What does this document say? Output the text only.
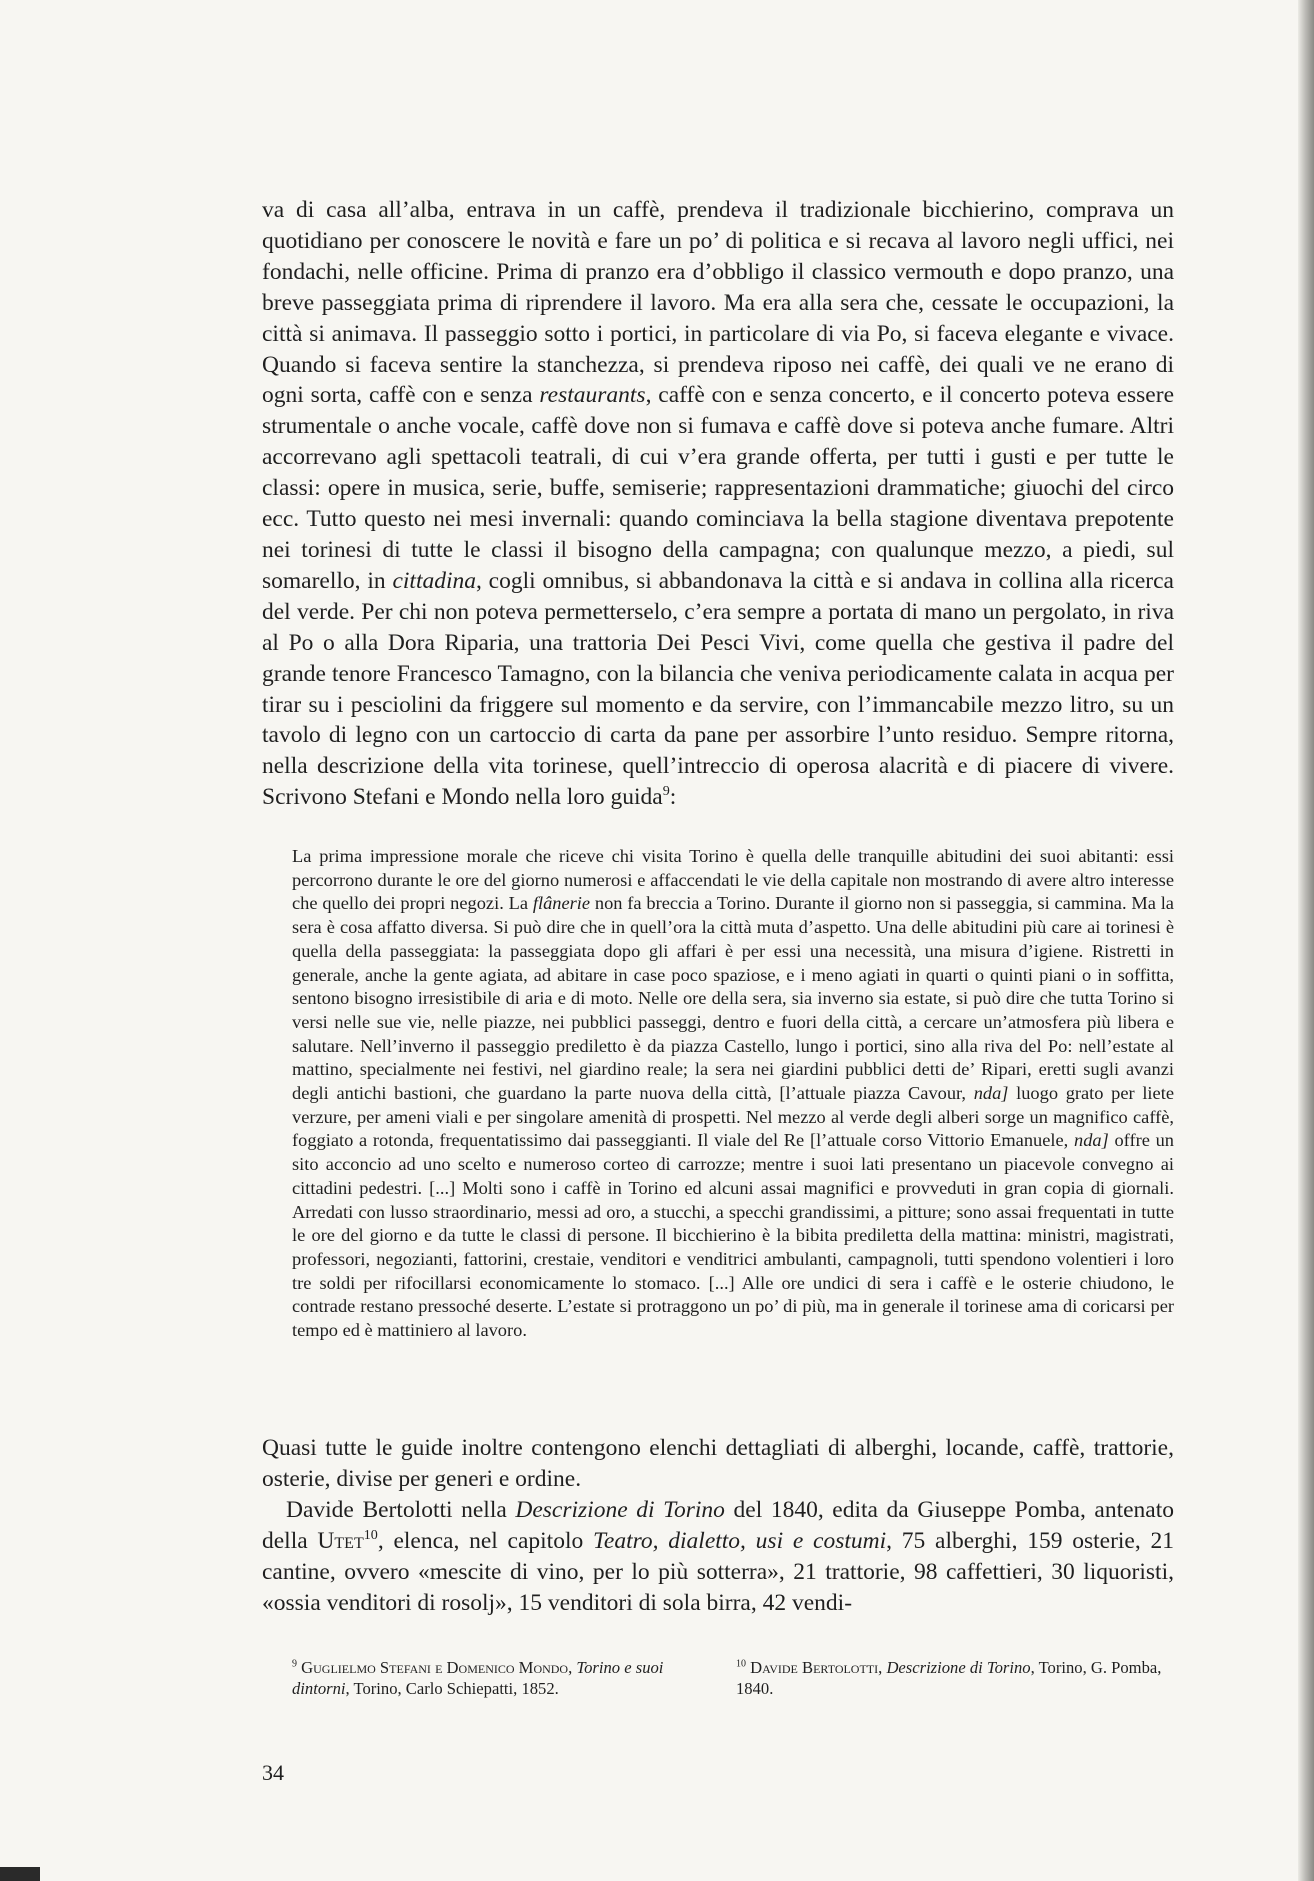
va di casa all’alba, entrava in un caffè, prendeva il tradizionale bicchierino, comprava un quotidiano per conoscere le novità e fare un po’ di politica e si recava al lavoro negli uffici, nei fondachi, nelle officine. Prima di pranzo era d’obbligo il classico vermouth e dopo pranzo, una breve passeggiata prima di riprendere il lavoro. Ma era alla sera che, cessate le occupazioni, la città si animava. Il passeggio sotto i portici, in particolare di via Po, si faceva elegante e vivace. Quando si faceva sentire la stanchezza, si prendeva riposo nei caffè, dei quali ve ne erano di ogni sorta, caffè con e senza restaurants, caffè con e senza concerto, e il concerto poteva essere strumentale o anche vocale, caffè dove non si fumava e caffè dove si poteva anche fumare. Altri accorrevano agli spettacoli teatrali, di cui v’era grande offerta, per tutti i gusti e per tutte le classi: opere in musica, serie, buffe, semiserie; rappresentazioni drammatiche; giuochi del circo ecc. Tutto questo nei mesi invernali: quando cominciava la bella stagione diventava prepotente nei torinesi di tutte le classi il bisogno della campagna; con qualunque mezzo, a piedi, sul somarello, in cittadina, cogli omnibus, si abbandonava la città e si andava in collina alla ricerca del verde. Per chi non poteva permetterselo, c’era sempre a portata di mano un pergolato, in riva al Po o alla Dora Riparia, una trattoria Dei Pesci Vivi, come quella che gestiva il padre del grande tenore Francesco Tamagno, con la bilancia che veniva periodicamente calata in acqua per tirar su i pesciolini da friggere sul momento e da servire, con l’immancabile mezzo litro, su un tavolo di legno con un cartoccio di carta da pane per assorbire l’unto residuo. Sempre ritorna, nella descrizione della vita torinese, quell’intreccio di operosa alacrità e di piacere di vivere. Scrivono Stefani e Mondo nella loro guida$^9$:

La prima impressione morale che riceve chi visita Torino è quella delle tranquille abitudini dei suoi abitanti: essi percorrono durante le ore del giorno numerosi e affaccendati le vie della capitale non mostrando di avere altro interesse che quello dei propri negozi. La flânerie non fa breccia a Torino. Durante il giorno non si passeggia, si cammina. Ma la sera è cosa affatto diversa. Si può dire che in quell’ora la città muta d’aspetto. Una delle abitudini più care ai torinesi è quella della passeggiata: la passeggiata dopo gli affari è per essi una necessità, una misura d’igiene. Ristretti in generale, anche la gente agiata, ad abitare in case poco spaziose, e i meno agiati in quarti o quinti piani o in soffitta, sentono bisogno irresistibile di aria e di moto. Nelle ore della sera, sia inverno sia estate, si può dire che tutta Torino si versi nelle sue vie, nelle piazze, nei pubblici passeggi, dentro e fuori della città, a cercare un’atmosfera più libera e salutare. Nell’inverno il passeggio prediletto è da piazza Castello, lungo i portici, sino alla riva del Po: nell’estate al mattino, specialmente nei festivi, nel giardino reale; la sera nei giardini pubblici detti de’ Ripari, eretti sugli avanzi degli antichi bastioni, che guardano la parte nuova della città, [l’attuale piazza Cavour, nda] luogo grato per liete verzure, per ameni viali e per singolare amenità di prospetti. Nel mezzo al verde degli alberi sorge un magnifico caffè, foggiato a rotonda, frequentatissimo dai passeggianti. Il viale del Re [l’attuale corso Vittorio Emanuele, nda] offre un sito acconcio ad uno scelto e numeroso corteo di carrozze; mentre i suoi lati presentano un piacevole convegno ai cittadini pedestri. [...] Molti sono i caffè in Torino ed alcuni assai magnifici e provveduti in gran copia di giornali. Arredati con lusso straordinario, messi ad oro, a stucchi, a specchi grandissimi, a pitture; sono assai frequentati in tutte le ore del giorno e da tutte le classi di persone. Il bicchierino è la bibita prediletta della mattina: ministri, magistrati, professori, negozianti, fattorini, crestaie, venditori e venditrici ambulanti, campagnoli, tutti spendono volentieri i loro tre soldi per rifocillarsi economicamente lo stomaco. [...] Alle ore undici di sera i caffè e le osterie chiudono, le contrade restano pressoché deserte. L’estate si protraggono un po’ di più, ma in generale il torinese ama di coricarsi per tempo ed è mattiniero al lavoro.

Quasi tutte le guide inoltre contengono elenchi dettagliati di alberghi, locande, caffè, trattorie, osterie, divise per generi e ordine.

Davide Bertolotti nella Descrizione di Torino del 1840, edita da Giuseppe Pomba, antenato della Utet$^{10}$, elenca, nel capitolo Teatro, dialetto, usi e costumi, 75 alberghi, 159 osterie, 21 cantine, ovvero «mescite di vino, per lo più sotterra», 21 trattorie, 98 caffettieri, 30 liquoristi, «ossia venditori di rosolj», 15 venditori di sola birra, 42 vendi-

$^9$ Guglielmo Stefani e Domenico Mondo, Torino e suoi dintorni, Torino, Carlo Schiepatti, 1852.
$^{10}$ Davide Bertolotti, Descrizione di Torino, Torino, G. Pomba, 1840.
34
